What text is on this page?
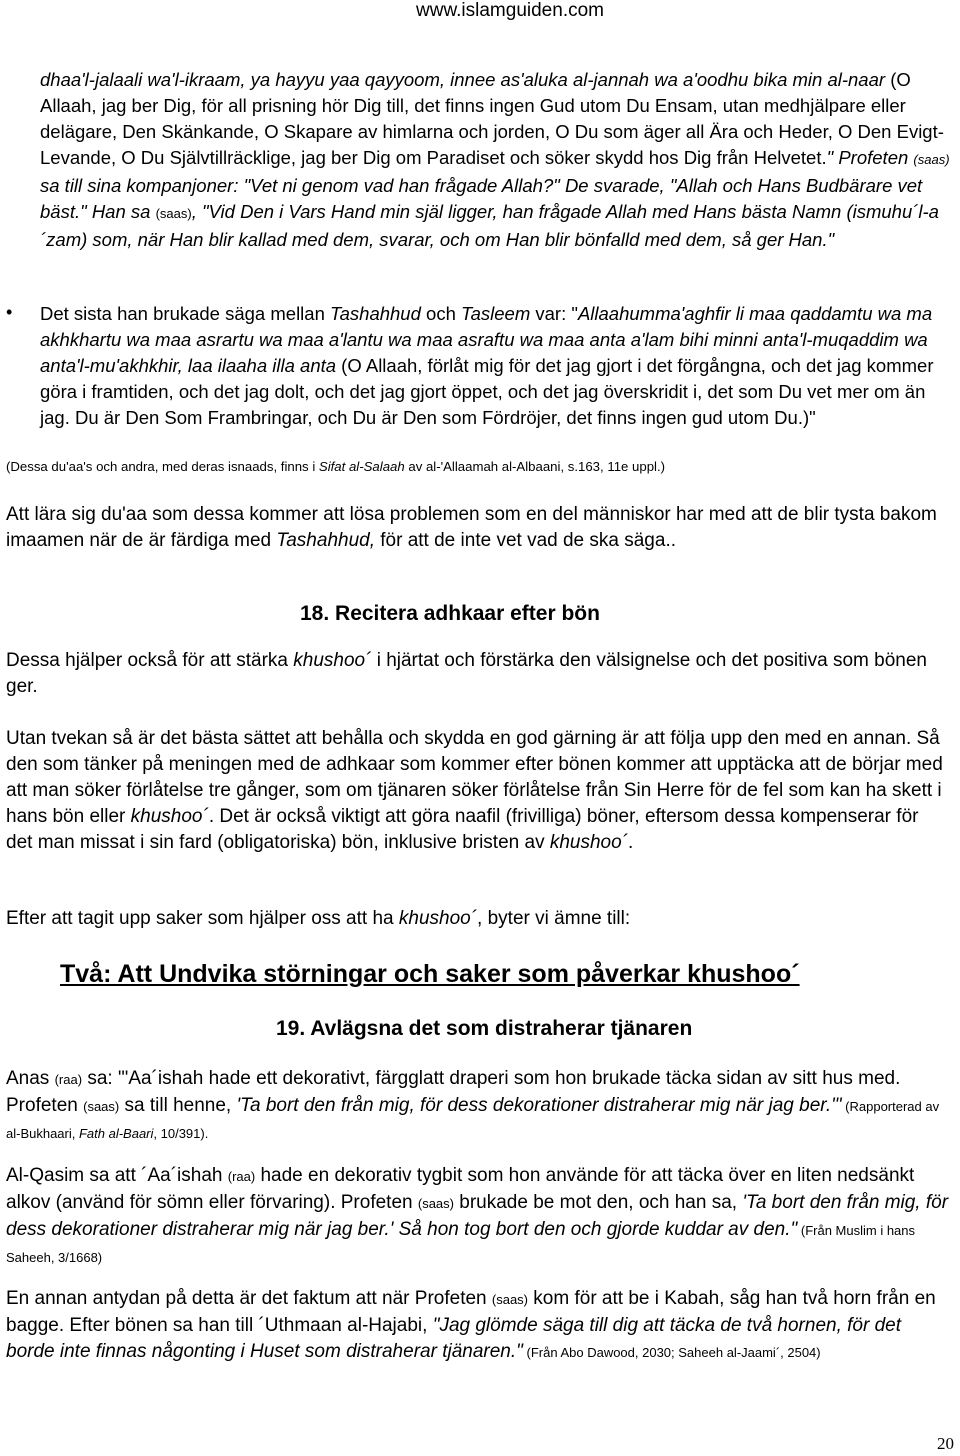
www.islamguiden.com
dhaa'l-jalaali wa'l-ikraam, ya hayyu yaa qayyoom, innee as'aluka al-jannah wa a'oodhu bika min al-naar (O Allaah, jag ber Dig, för all prisning hör Dig till, det finns ingen Gud utom Du Ensam, utan medhjälpare eller delägare, Den Skänkande, O Skapare av himlarna och jorden, O Du som äger all Ära och Heder, O Den Evigt-Levande, O Du Självtillräcklige, jag ber Dig om Paradiset och söker skydd hos Dig från Helvetet." Profeten (saas) sa till sina kompanjoner: "Vet ni genom vad han frågade Allah?" De svarade, "Allah och Hans Budbärare vet bäst." Han sa (saas), "Vid Den i Vars Hand min själ ligger, han frågade Allah med Hans bästa Namn (ismuhu´l-a´zam) som, när Han blir kallad med dem, svarar, och om Han blir bönfalld med dem, så ger Han."
• Det sista han brukade säga mellan Tashahhud och Tasleem var: "Allaahumma'aghfir li maa qaddamtu wa ma akhkhartu wa maa asrartu wa maa a'lantu wa maa asraftu wa maa anta a'lam bihi minni anta'l-muqaddim wa anta'l-mu'akhkhir, laa ilaaha illa anta (O Allaah, förlåt mig för det jag gjort i det förgångna, och det jag kommer göra i framtiden, och det jag dolt, och det jag gjort öppet, och det jag överskridit i, det som Du vet mer om än jag. Du är Den Som Frambringar, och Du är Den som Fördröjer, det finns ingen gud utom Du.)"
(Dessa du'aa's och andra, med deras isnaads, finns i Sifat al-Salaah av al-'Allaamah al-Albaani, s.163, 11e uppl.)
Att lära sig du'aa som dessa kommer att lösa problemen som en del människor har med att de blir tysta bakom imaamen när de är färdiga med Tashahhud, för att de inte vet vad de ska säga..
18. Recitera adhkaar efter bön
Dessa hjälper också för att stärka khushoo´ i hjärtat och förstärka den välsignelse och det positiva som bönen ger.
Utan tvekan så är det bästa sättet att behålla och skydda en god gärning är att följa upp den med en annan. Så den som tänker på meningen med de adhkaar som kommer efter bönen kommer att upptäcka att de börjar med att man söker förlåtelse tre gånger, som om tjänaren söker förlåtelse från Sin Herre för de fel som kan ha skett i hans bön eller khushoo´. Det är också viktigt att göra naafil (frivilliga) böner, eftersom dessa kompenserar för det man missat i sin fard (obligatoriska) bön, inklusive bristen av khushoo´.
Efter att tagit upp saker som hjälper oss att ha khushoo´, byter vi ämne till:
Två: Att Undvika störningar och saker som påverkar khushoo´
19. Avlägsna det som distraherar tjänaren
Anas (raa) sa: "'Aa´ishah hade ett dekorativt, färgglatt draperi som hon brukade täcka sidan av sitt hus med. Profeten (saas) sa till henne, 'Ta bort den från mig, för dess dekorationer distraherar mig när jag ber.'" (Rapporterad av al-Bukhaari, Fath al-Baari, 10/391).
Al-Qasim sa att ´Aa´ishah (raa) hade en dekorativ tygbit som hon använde för att täcka över en liten nedsänkt alkov (använd för sömn eller förvaring). Profeten (saas) brukade be mot den, och han sa, 'Ta bort den från mig, för dess dekorationer distraherar mig när jag ber.' Så hon tog bort den och gjorde kuddar av den." (Från Muslim i hans Saheeh, 3/1668)
En annan antydan på detta är det faktum att när Profeten (saas) kom för att be i Kabah, såg han två horn från en bagge. Efter bönen sa han till ´Uthmaan al-Hajabi, "Jag glömde säga till dig att täcka de två hornen, för det borde inte finnas någonting i Huset som distraherar tjänaren." (Från Abo Dawood, 2030; Saheeh al-Jaami´, 2504)
20
